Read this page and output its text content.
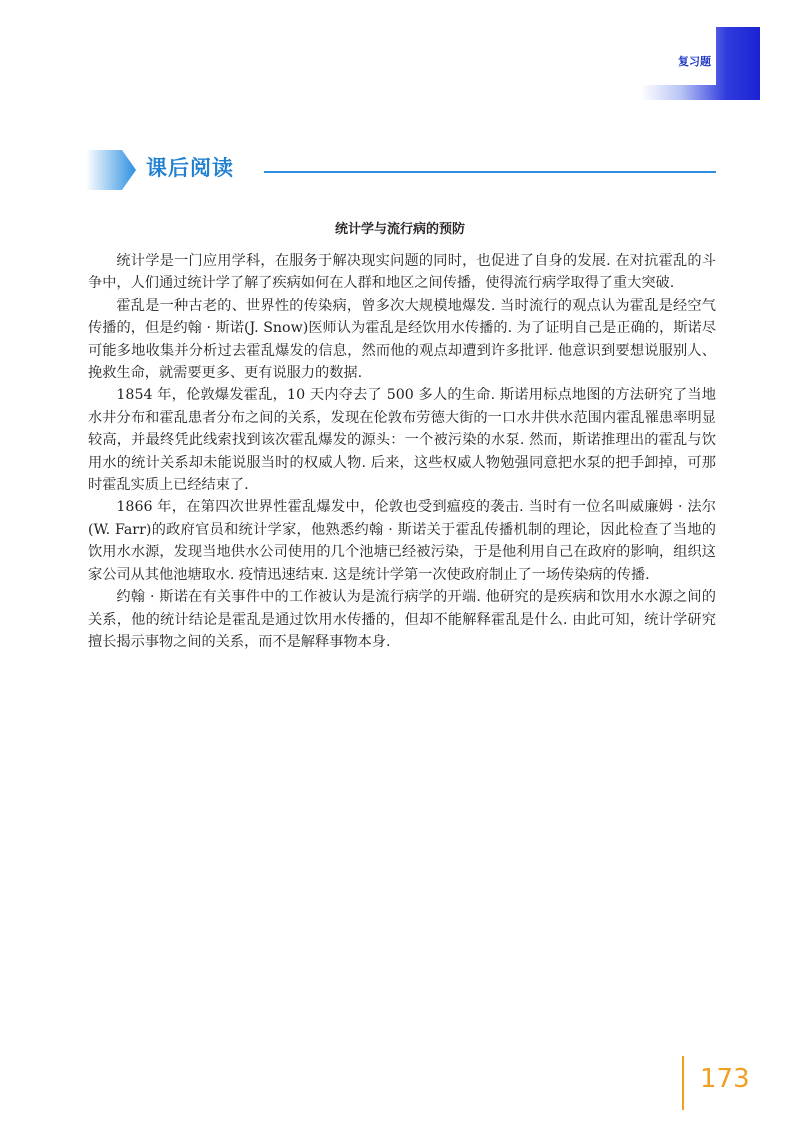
复习题
课后阅读
统计学与流行病的预防

统计学是一门应用学科，在服务于解决现实问题的同时，也促进了自身的发展. 在对抗霍乱的斗争中，人们通过统计学了解了疾病如何在人群和地区之间传播，使得流行病学取得了重大突破.

霍乱是一种古老的、世界性的传染病，曾多次大规模地爆发. 当时流行的观点认为霍乱是经空气传播的，但是约翰 · 斯诺(J. Snow)医师认为霍乱是经饮用水传播的. 为了证明自己是正确的，斯诺尽可能多地收集并分析过去霍乱爆发的信息，然而他的观点却遭到许多批评. 他意识到要想说服别人、挽救生命，就需要更多、更有说服力的数据.

1854 年，伦敦爆发霍乱，10 天内夺去了 500 多人的生命. 斯诺用标点地图的方法研究了当地水井分布和霍乱患者分布之间的关系，发现在伦敦布劳德大街的一口水井供水范围内霍乱罹患率明显较高，并最终凭此线索找到该次霍乱爆发的源头：一个被污染的水泵. 然而，斯诺推理出的霍乱与饮用水的统计关系却未能说服当时的权威人物. 后来，这些权威人物勉强同意把水泵的把手卸掉，可那时霍乱实质上已经结束了.

1866 年，在第四次世界性霍乱爆发中，伦敦也受到瘟疫的袭击. 当时有一位名叫威廉姆 · 法尔(W. Farr)的政府官员和统计学家，他熟悉约翰 · 斯诺关于霍乱传播机制的理论，因此检查了当地的饮用水水源，发现当地供水公司使用的几个池塘已经被污染，于是他利用自己在政府的影响，组织这家公司从其他池塘取水. 疫情迅速结束. 这是统计学第一次使政府制止了一场传染病的传播.

约翰 · 斯诺在有关事件中的工作被认为是流行病学的开端. 他研究的是疾病和饮用水水源之间的关系，他的统计结论是霍乱是通过饮用水传播的，但却不能解释霍乱是什么. 由此可知，统计学研究擅长揭示事物之间的关系，而不是解释事物本身.

173
